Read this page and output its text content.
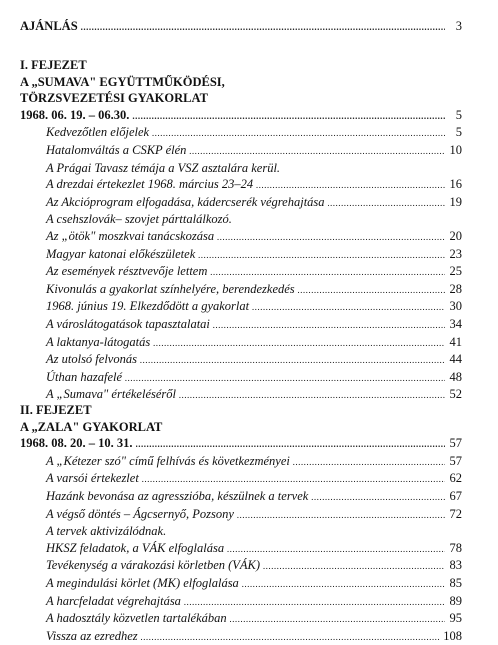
AJÁNLÁS .....	3
I. FEJEZET
A „SUMAVA" EGYÜTTMŰKÖDÉSI,
TÖRZSVEZETÉSI GYAKORLAT
1968. 06. 19. – 06.30. .....	5
Kedvezőtlen előjelek .....	5
Hatalomváltás a CSKP élén .....	10
A Prágai Tavasz témája a VSZ asztalára kerül.
A drezdai értekezlet 1968. március 23–24 .....	16
Az Akcióprogram elfogadása, kádercserék végrehajtása .....	19
A csehszlovák– szovjet párttalálkozó.
Az „ötök" moszkvai tanácskozása .....	20
Magyar katonai előkészületek .....	23
Az események résztvevője lettem .....	25
Kivonulás a gyakorlat színhelyére, berendezkedés .....	28
1968. június 19. Elkezdődött a gyakorlat .....	30
A városlátogatások tapasztalatai .....	34
A laktanya-látogatás .....	41
Az utolsó felvonás .....	44
Úthan hazafelé .....	48
A „Sumava" értékeléséről .....	52
II. FEJEZET
A „ZALA" GYAKORLAT
1968. 08. 20. – 10. 31. .....	57
A „Kétezer szó" című felhívás és következményei .....	57
A varsói értekezlet .....	62
Hazánk bevonása az agresszióba, készülnek a tervek .....	67
A végső döntés – Ágcsernyő, Pozsony .....	72
A tervek aktivizálódnak.
HKSZ feladatok, a VÁK elfoglalása .....	78
Tevékenység a várakozási körletben (VÁK) .....	83
A megindulási körlet (MK) elfoglalása .....	85
A harcfeladat végrehajtása .....	89
A hadosztály közvetlen tartalékában .....	95
Vissza az ezredhez .....	108
